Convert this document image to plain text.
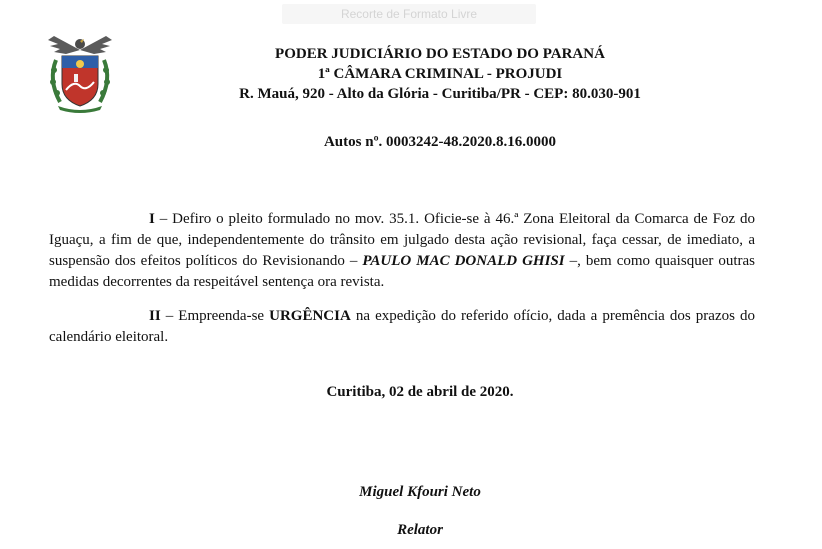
Recorte de Formato Livre
PODER JUDICIÁRIO DO ESTADO DO PARANÁ
1ª CÂMARA CRIMINAL - PROJUDI
R. Mauá, 920 - Alto da Glória - Curitiba/PR - CEP: 80.030-901
Autos nº. 0003242-48.2020.8.16.0000

I – Defiro o pleito formulado no mov. 35.1. Oficie-se à 46.ª Zona Eleitoral da Comarca de Foz do Iguaçu, a fim de que, independentemente do trânsito em julgado desta ação revisional, faça cessar, de imediato, a suspensão dos efeitos políticos do Revisionando – PAULO MAC DONALD GHISI –, bem como quaisquer outras medidas decorrentes da respeitável sentença ora revista.

II – Empreenda-se URGÊNCIA na expedição do referido ofício, dada a premência dos prazos do calendário eleitoral.

Curitiba, 02 de abril de 2020.
Miguel Kfouri Neto
Relator
